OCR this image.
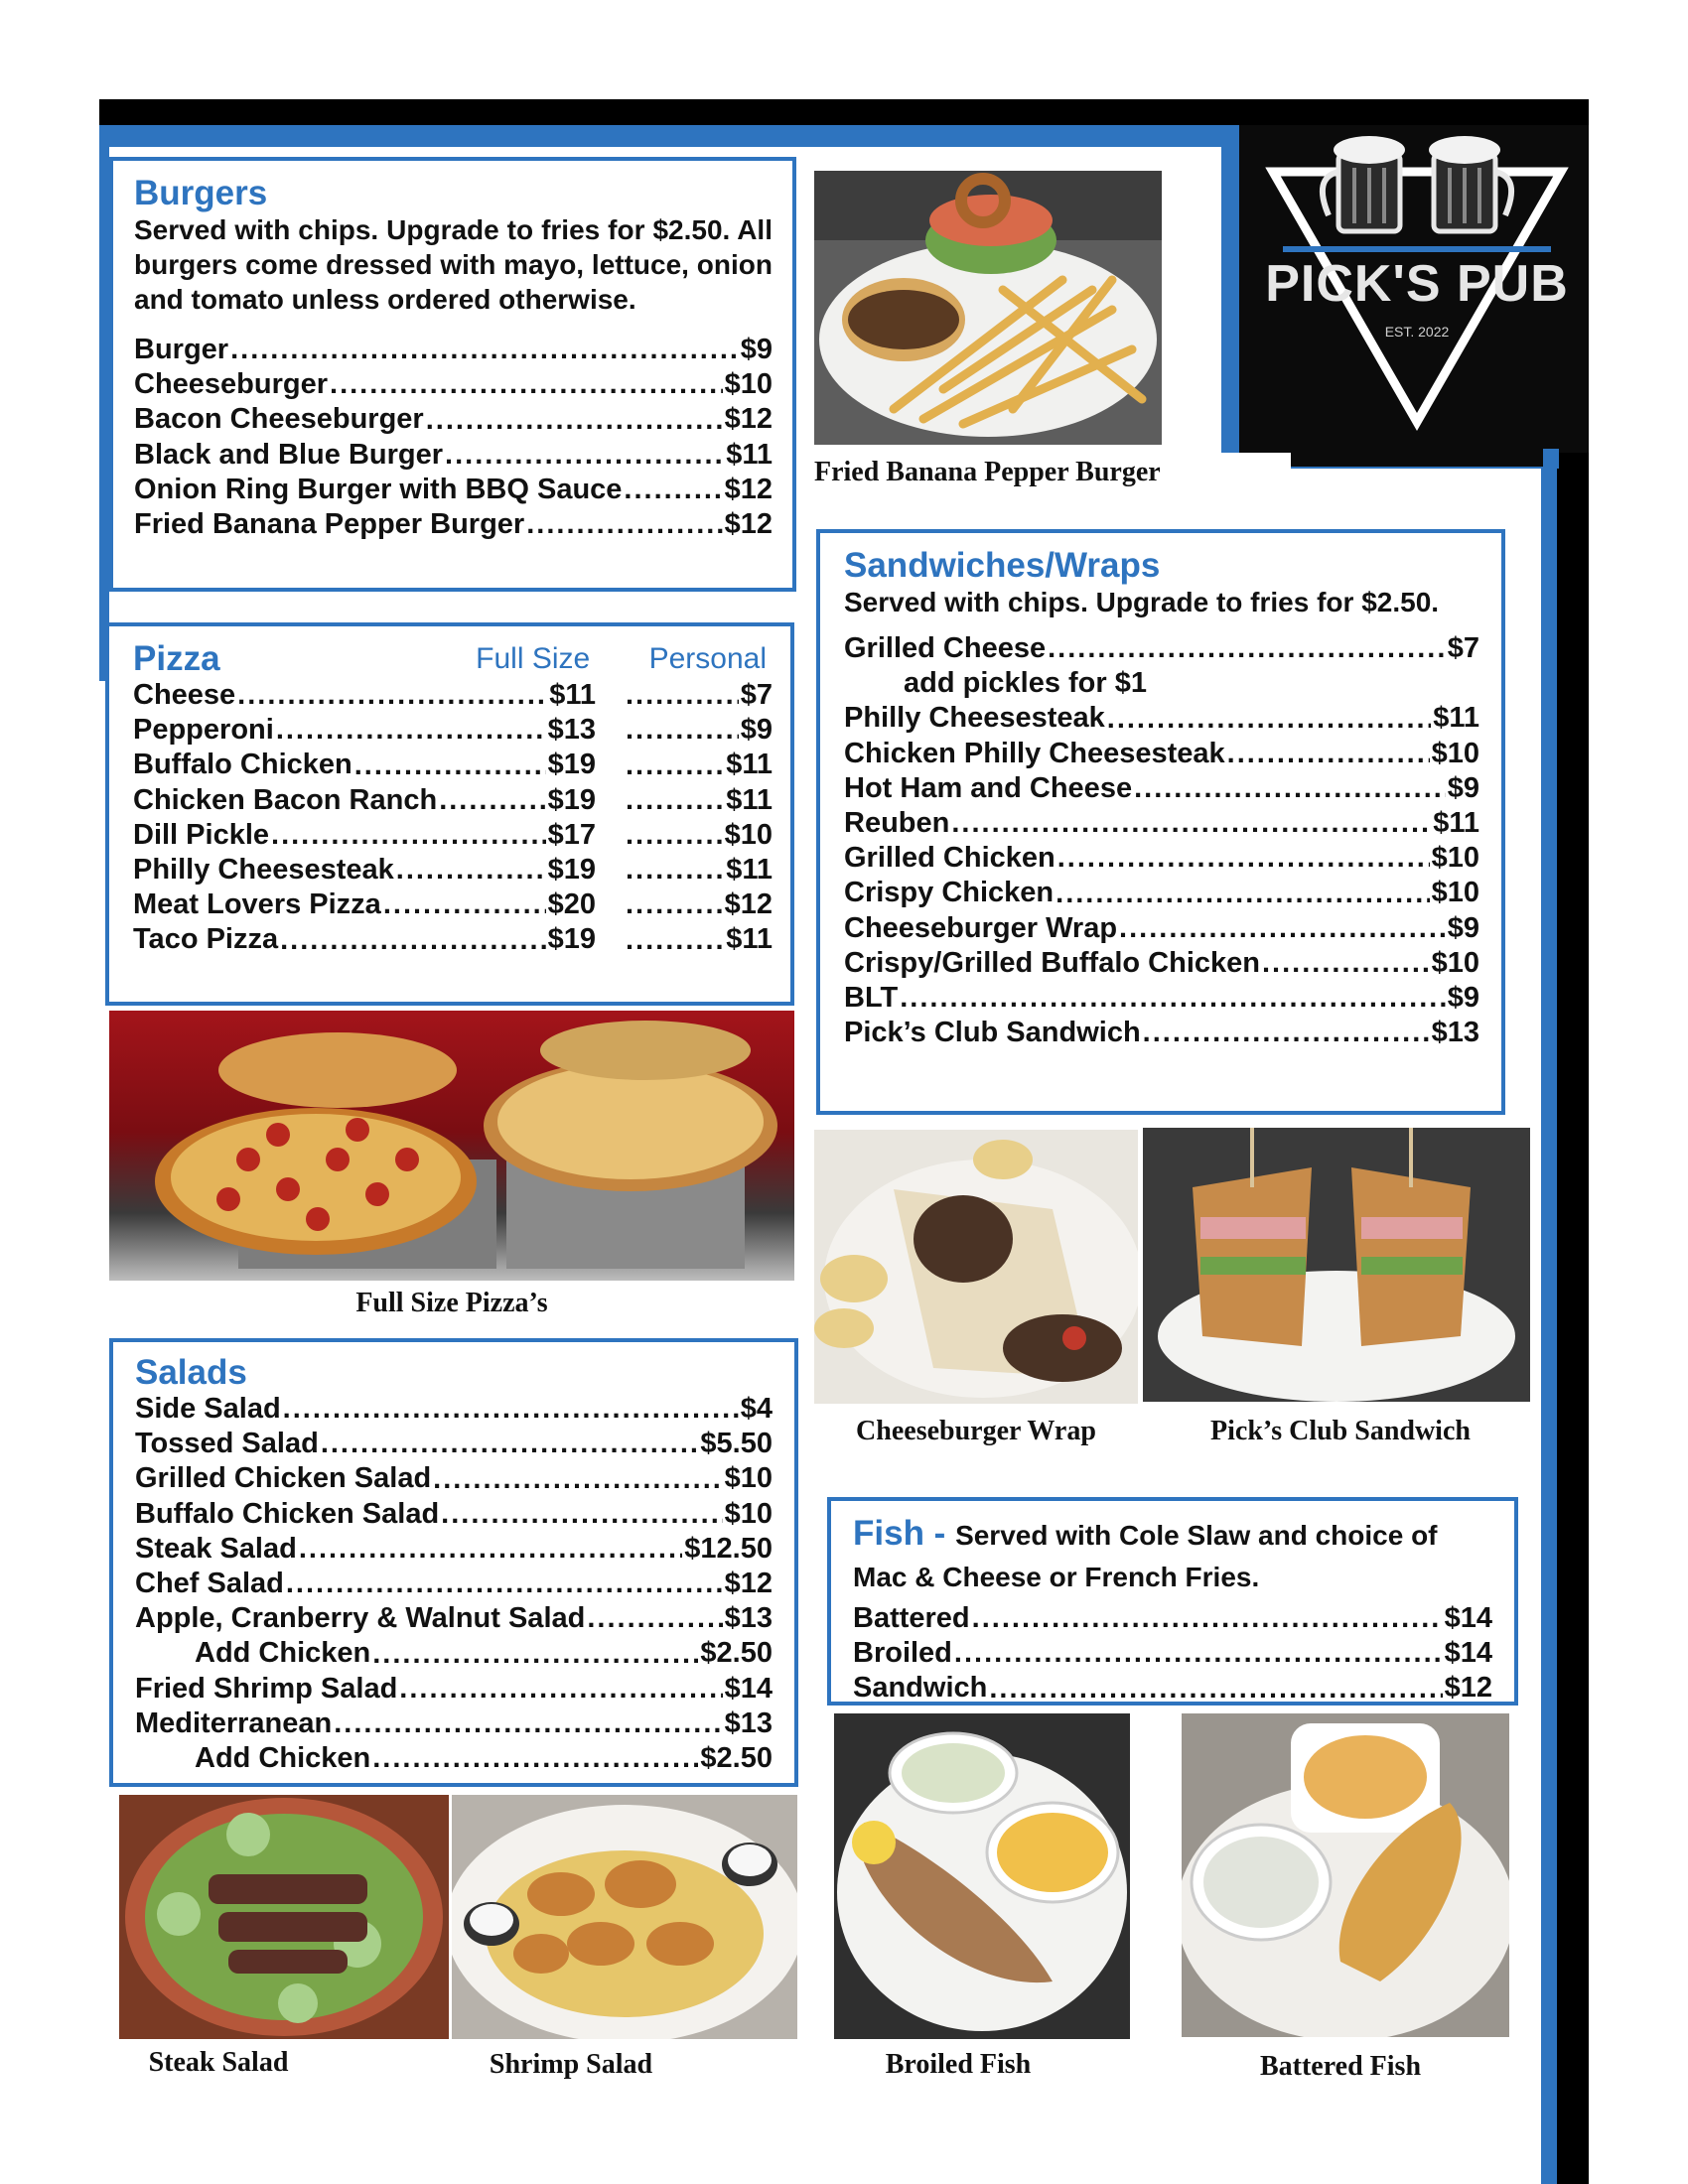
PICK'S PUB
EST. 2022
Burgers
Served with chips. Upgrade to fries for $2.50. All burgers come dressed with mayo, lettuce, onion and tomato unless ordered otherwise.
Burger .....	$9
Cheeseburger .....	$10
Bacon Cheeseburger .....	$12
Black and Blue Burger .....	$11
Onion Ring Burger with BBQ Sauce .....	$12
Fried Banana Pepper Burger .....	$12
Pizza	Full Size	Personal
Cheese .....	$11 .....	$7
Pepperoni .....	$13 .....	$9
Buffalo Chicken .....	$19 .....	$11
Chicken Bacon Ranch .....	$19 .....	$11
Dill Pickle .....	$17 .....	$10
Philly Cheesesteak .....	$19 .....	$11
Meat Lovers Pizza .....	$20 .....	$12
Taco Pizza .....	$19 .....	$11
Full Size Pizza’s
Fried Banana Pepper Burger
Sandwiches/Wraps
Served with chips. Upgrade to fries for $2.50.
Grilled Cheese .....	$7
add pickles for $1
Philly Cheesesteak .....	$11
Chicken Philly Cheesesteak .....	$10
Hot Ham and Cheese .....	$9
Reuben .....	$11
Grilled Chicken .....	$10
Crispy Chicken .....	$10
Cheeseburger Wrap .....	$9
Crispy/Grilled Buffalo Chicken .....	$10
BLT .....	$9
Pick’s Club Sandwich .....	$13
Cheeseburger Wrap	Pick’s Club Sandwich
Salads
Side Salad .....	$4
Tossed Salad .....	$5.50
Grilled Chicken Salad .....	$10
Buffalo Chicken Salad .....	$10
Steak Salad .....	$12.50
Chef Salad .....	$12
Apple, Cranberry & Walnut Salad .....	$13
Add Chicken .....	$2.50
Fried Shrimp Salad .....	$14
Mediterranean .....	$13
Add Chicken .....	$2.50
Fish - Served with Cole Slaw and choice of Mac & Cheese or French Fries.
Battered .....	$14
Broiled .....	$14
Sandwich .....	$12
Steak Salad	Shrimp Salad	Broiled Fish	Battered Fish
